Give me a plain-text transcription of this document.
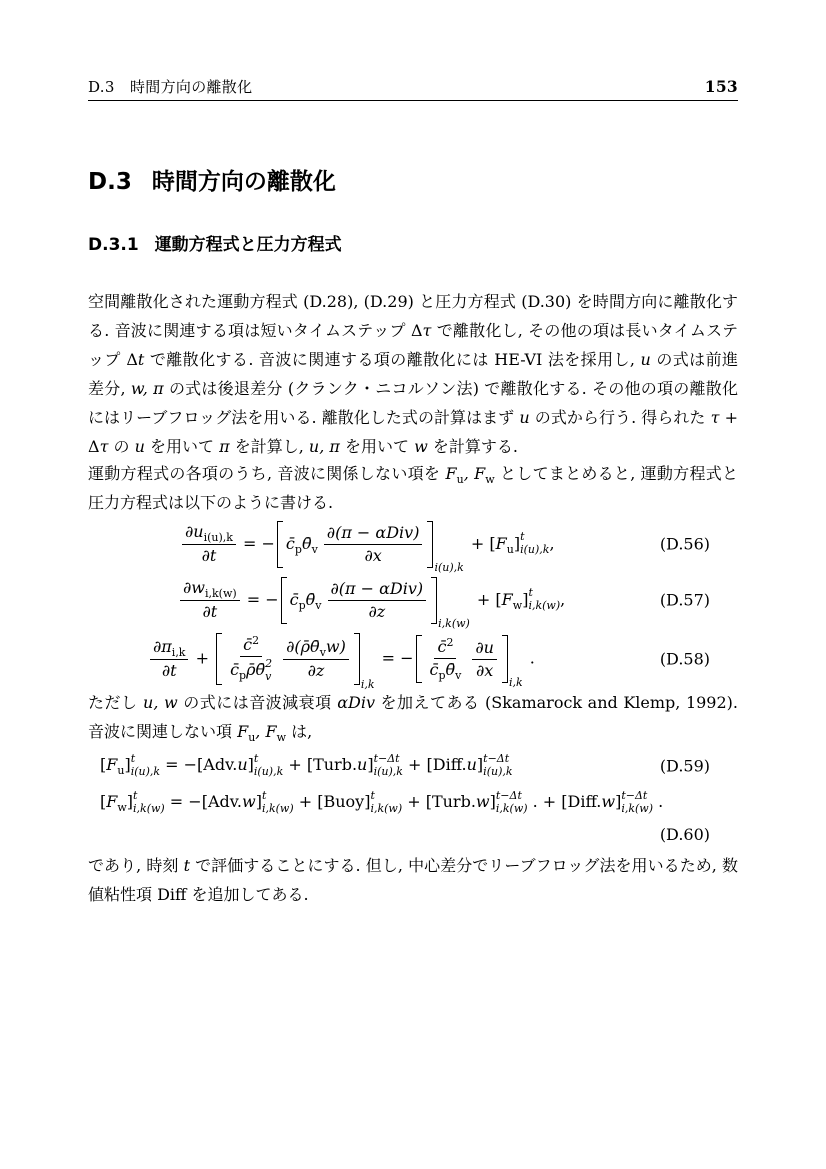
D.3　時間方向の離散化	153
D.3 時間方向の離散化
D.3.1 運動方程式と圧力方程式

空間離散化された運動方程式 (D.28), (D.29) と圧力方程式 (D.30) を時間方向に離散化する. 音波に関連する項は短いタイムステップ Δτ で離散化し, その他の項は長いタイムステップ Δt で離散化する. 音波に関連する項の離散化には HE-VI 法を採用し, u の式は前進差分, w, π の式は後退差分 (クランク・ニコルソン法) で離散化する. その他の項の離散化にはリーブフロッグ法を用いる. 離散化した式の計算はまず u の式から行う. 得られた τ + Δτ の u を用いて π を計算し, u, π を用いて w を計算する.

運動方程式の各項のうち, 音波に関係しない項を $F_u$, $F_w$ としてまとめると, 運動方程式と圧力方程式は以下のように書ける.

$\frac{\partial u_{i(u),k}}{\partial t}$ = − $c̄_p\thetā_v \frac{\text{∂(π − αDiv)}}{\partial x}$
i(u),k
+ $[F_u]$ t
i(u),k ,	(D.56)
$\frac{\partial w_{i,k(w)}}{\partial t}$ = − $c̄_p\thetā_v \frac{\text{∂(π − αDiv)}}{\partial z}$
i,k(w)
+ $[F_w]$ t
i,k(w) ,	(D.57)
$\frac{\partial\pi_{i,k}}{\partial t}$ + c̄$^2$
$c̄_p\rhō\thetā$ 2
v $\frac{\partial(\rhō\thetā_vw)}{\partial z}$
i,k
= − $\frac{c̄^2}{c̄_p\thetā_v} \frac{\partial u}{\partial x}$
i,k
.	(D.58)

ただし u, w の式には音波減衰項 αDiv を加えてある (Skamarock and Klemp, 1992). 音波に関連しない項 $F_u$, $F_w$ は,

$[F_u]$ t
i(u),k = −[Adv.u] t
i(u),k + [Turb.u] t−Δt
i(u),k + [Diff.u] t−Δt
i(u),k	(D.59)
$[F_w]$ t
i,k(w) = −[Adv.w] t
i,k(w) + [Buoy] t
i,k(w) + [Turb.w] t−Δt
i,k(w) . + [Diff.w] t−Δt
i,k(w) .
(D.60)

であり, 時刻 t で評価することにする. 但し, 中心差分でリーブフロッグ法を用いるため, 数値粘性項 Diff を追加してある.
